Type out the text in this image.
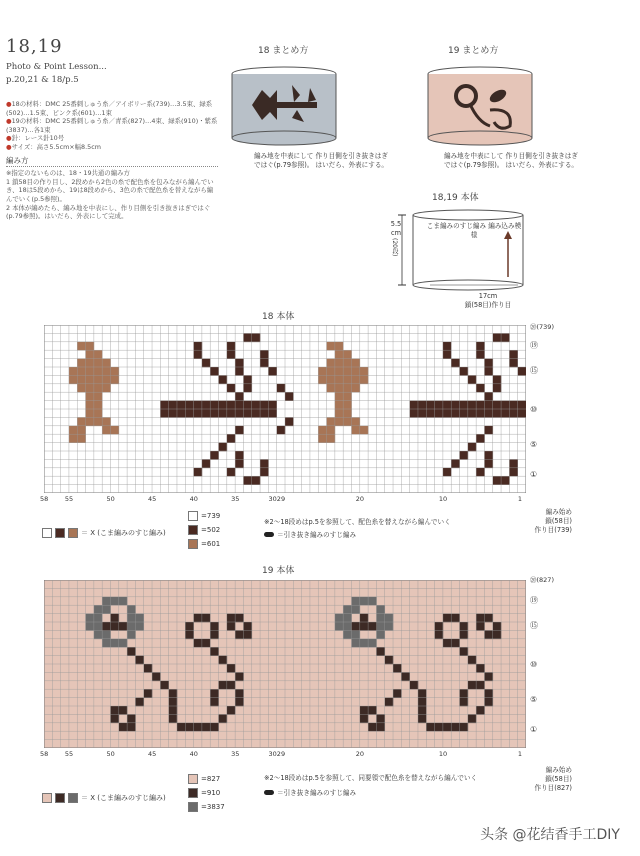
18,19
Photo & Point Lesson...
p.20,21 & 18/p.5
●18の材料：DMC 25番刺しゅう糸／アイボリー系(739)…3.5束、緑系(502)…1.5束、ピンク系(601)…1束
●19の材料：DMC 25番刺しゅう糸／青系(827)…4束、緑系(910)・紫系(3837)…各1束
●針：レース針10号
●サイズ：高さ5.5cm×幅8.5cm
編み方
※指定のないものは、18・19共通の編み方
1 鎖58目の作り目し、2段めから2色の糸で配色糸を包みながら編んでいき、18は5段めから、19は8段めから、3色の糸で配色糸を替えながら編んでいく(p.5参照)。
2 本体が編めたら、編み地を中表にし、作り目側を引き抜きはぎではぐ(p.79参照)。はいだら、外表にして完成。
18 まとめ方	19 まとめ方
編み地を中表にして 作り目側を引き抜きはぎではぐ(p.79参照)。 はいだら、外表にする。
編み地を中表にして 作り目側を引き抜きはぎではぐ(p.79参照)。 はいだら、外表にする。
18,19 本体
こま編みのすじ編み 編み込み模様
5.5
cm
(20段)
17cm
鎖(58目)作り目
18 本体
⑳(739)
⑲
⑮
⑩
⑤
①
58	55	50	45	40	35	3029	20	10	1
編み始め
鎖(58目)
作り目(739)
＝ X (こま編みのすじ編み)
=739
=502
=601
※2～18段めはp.5を参照して、配色糸を替えながら編んでいく
＝引き抜き編みのすじ編み
19 本体
⑳(827)
⑲
⑮
⑩
⑤
①
58	55	50	45	40	35	3029	20	10	1
編み始め
鎖(58目)
作り目(827)
＝ X (こま編みのすじ編み)
=827
=910
=3837
※2～18段めはp.5を参照して、同要領で配色糸を替えながら編んでいく
＝引き抜き編みのすじ編み
头条 @花结香手工DIY
